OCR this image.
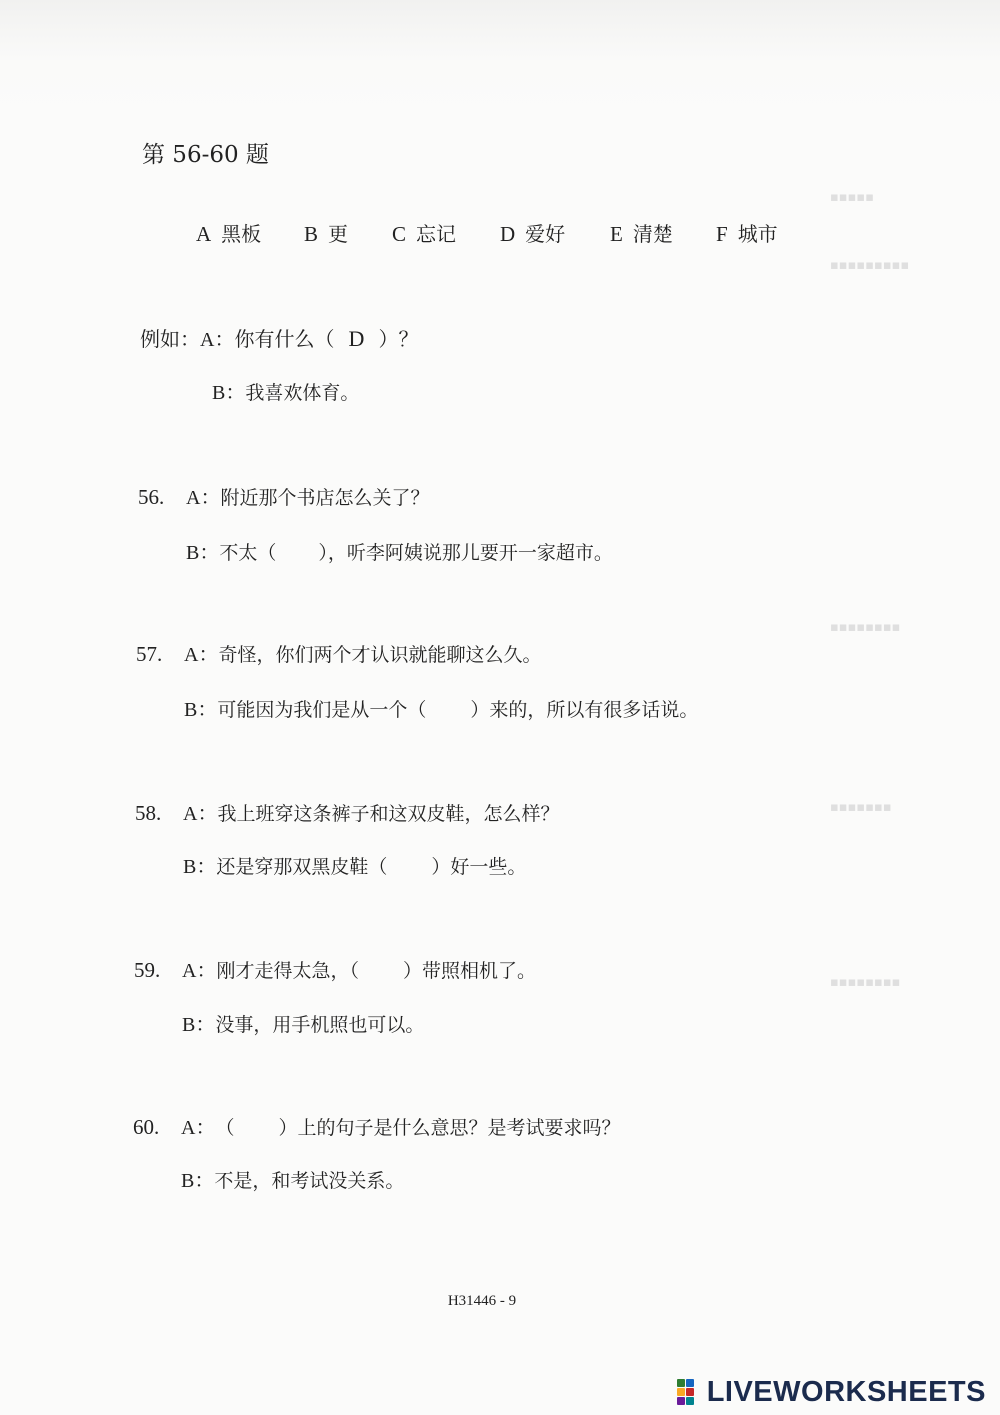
▪▪▪▪▪
▪▪▪▪▪▪▪▪▪
▪▪▪▪▪▪▪▪
▪▪▪▪▪▪▪
▪▪▪▪▪▪▪▪
第 56-60 题
A 黑板 B 更 C 忘记 D 爱好 E 清楚 F 城市
例如：A：你有什么（ D ）？
B：我喜欢体育。
56. A：附近那个书店怎么关了？
B：不太（ ），听李阿姨说那儿要开一家超市。
57. A：奇怪，你们两个才认识就能聊这么久。
B：可能因为我们是从一个（ ）来的，所以有很多话说。
58. A：我上班穿这条裤子和这双皮鞋，怎么样？
B：还是穿那双黑皮鞋（ ）好一些。
59. A：刚才走得太急，（ ）带照相机了。
B：没事，用手机照也可以。
60. A：（ ）上的句子是什么意思？是考试要求吗？
B：不是，和考试没关系。
H31446 - 9
LIVEWORKSHEETS
